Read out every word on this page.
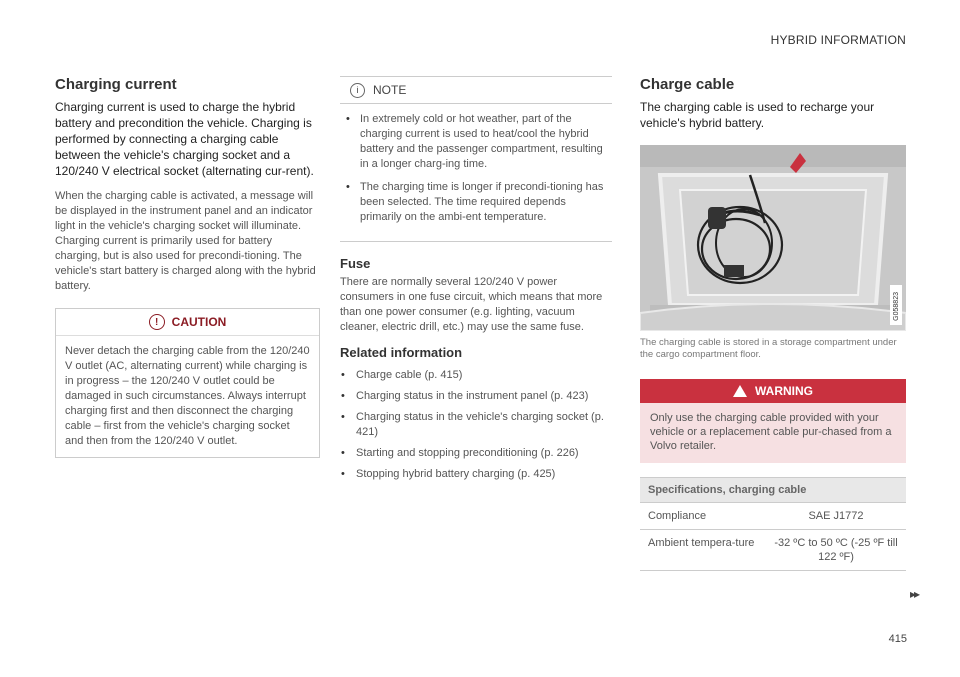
HYBRID INFORMATION
Charging current

Charging current is used to charge the hybrid battery and precondition the vehicle. Charging is performed by connecting a charging cable between the vehicle's charging socket and a 120/240 V electrical socket (alternating cur-rent).

When the charging cable is activated, a message will be displayed in the instrument panel and an indicator light in the vehicle's charging socket will illuminate. Charging current is primarily used for battery charging, but is also used for precondi-tioning. The vehicle's start battery is charged along with the hybrid battery.

!	CAUTION
Never detach the charging cable from the 120/240 V outlet (AC, alternating current) while charging is in progress – the 120/240 V outlet could be damaged in such circumstances. Always interrupt charging first and then disconnect the charging cable – first from the vehicle's charging socket and then from the 120/240 V outlet.
i	NOTE
• In extremely cold or hot weather, part of the charging current is used to heat/cool the hybrid battery and the passenger compartment, resulting in a longer charg-ing time.
• The charging time is longer if precondi-tioning has been selected. The time required depends primarily on the ambi-ent temperature.
Fuse

There are normally several 120/240 V power consumers in one fuse circuit, which means that more than one power consumer (e.g. lighting, vacuum cleaner, electric drill, etc.) may use the same fuse.

Related information
• Charge cable (p. 415)
• Charging status in the instrument panel (p. 423)
• Charging status in the vehicle's charging socket (p. 421)
• Starting and stopping preconditioning (p. 226)
• Stopping hybrid battery charging (p. 425)
Charge cable

The charging cable is used to recharge your vehicle's hybrid battery.

G058823

The charging cable is stored in a storage compartment under the cargo compartment floor.

WARNING
Only use the charging cable provided with your vehicle or a replacement cable pur-chased from a Volvo retailer.
Specifications, charging cable	
Compliance	SAE J1772
Ambient tempera-ture	-32 ºC to 50 ºC (-25 ºF till 122 ºF)
▸▸
415
